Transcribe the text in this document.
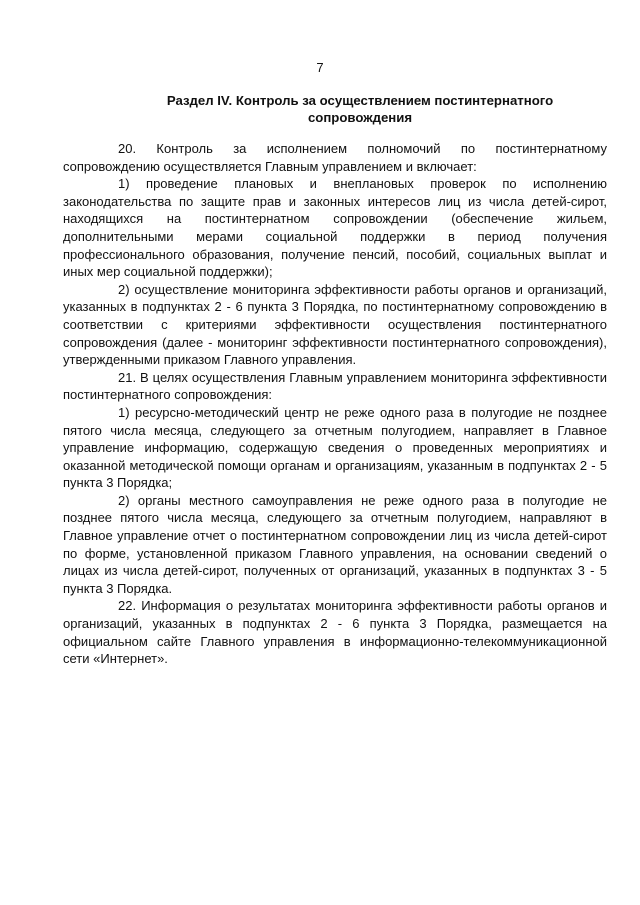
7
Раздел IV. Контроль за осуществлением постинтернатного сопровождения

20. Контроль за исполнением полномочий по постинтернатному сопровождению осуществляется Главным управлением и включает:

1) проведение плановых и внеплановых проверок по исполнению законодательства по защите прав и законных интересов лиц из числа детей-сирот, находящихся на постинтернатном сопровождении (обеспечение жильем, дополнительными мерами социальной поддержки в период получения профессионального образования, получение пенсий, пособий, социальных выплат и иных мер социальной поддержки);

2) осуществление мониторинга эффективности работы органов и организаций, указанных в подпунктах 2 - 6 пункта 3 Порядка, по постинтернатному сопровождению в соответствии с критериями эффективности осуществления постинтернатного сопровождения (далее - мониторинг эффективности постинтернатного сопровождения), утвержденными приказом Главного управления.

21. В целях осуществления Главным управлением мониторинга эффективности постинтернатного сопровождения:

1) ресурсно-методический центр не реже одного раза в полугодие не позднее пятого числа месяца, следующего за отчетным полугодием, направляет в Главное управление информацию, содержащую сведения о проведенных мероприятиях и оказанной методической помощи органам и организациям, указанным в подпунктах 2 - 5 пункта 3 Порядка;

2) органы местного самоуправления не реже одного раза в полугодие не позднее пятого числа месяца, следующего за отчетным полугодием, направляют в Главное управление отчет о постинтернатном сопровождении лиц из числа детей-сирот по форме, установленной приказом Главного управления, на основании сведений о лицах из числа детей-сирот, полученных от организаций, указанных в подпунктах 3 - 5 пункта 3 Порядка.

22. Информация о результатах мониторинга эффективности работы органов и организаций, указанных в подпунктах 2 - 6 пункта 3 Порядка, размещается на официальном сайте Главного управления в информационно-телекоммуникационной сети «Интернет».
